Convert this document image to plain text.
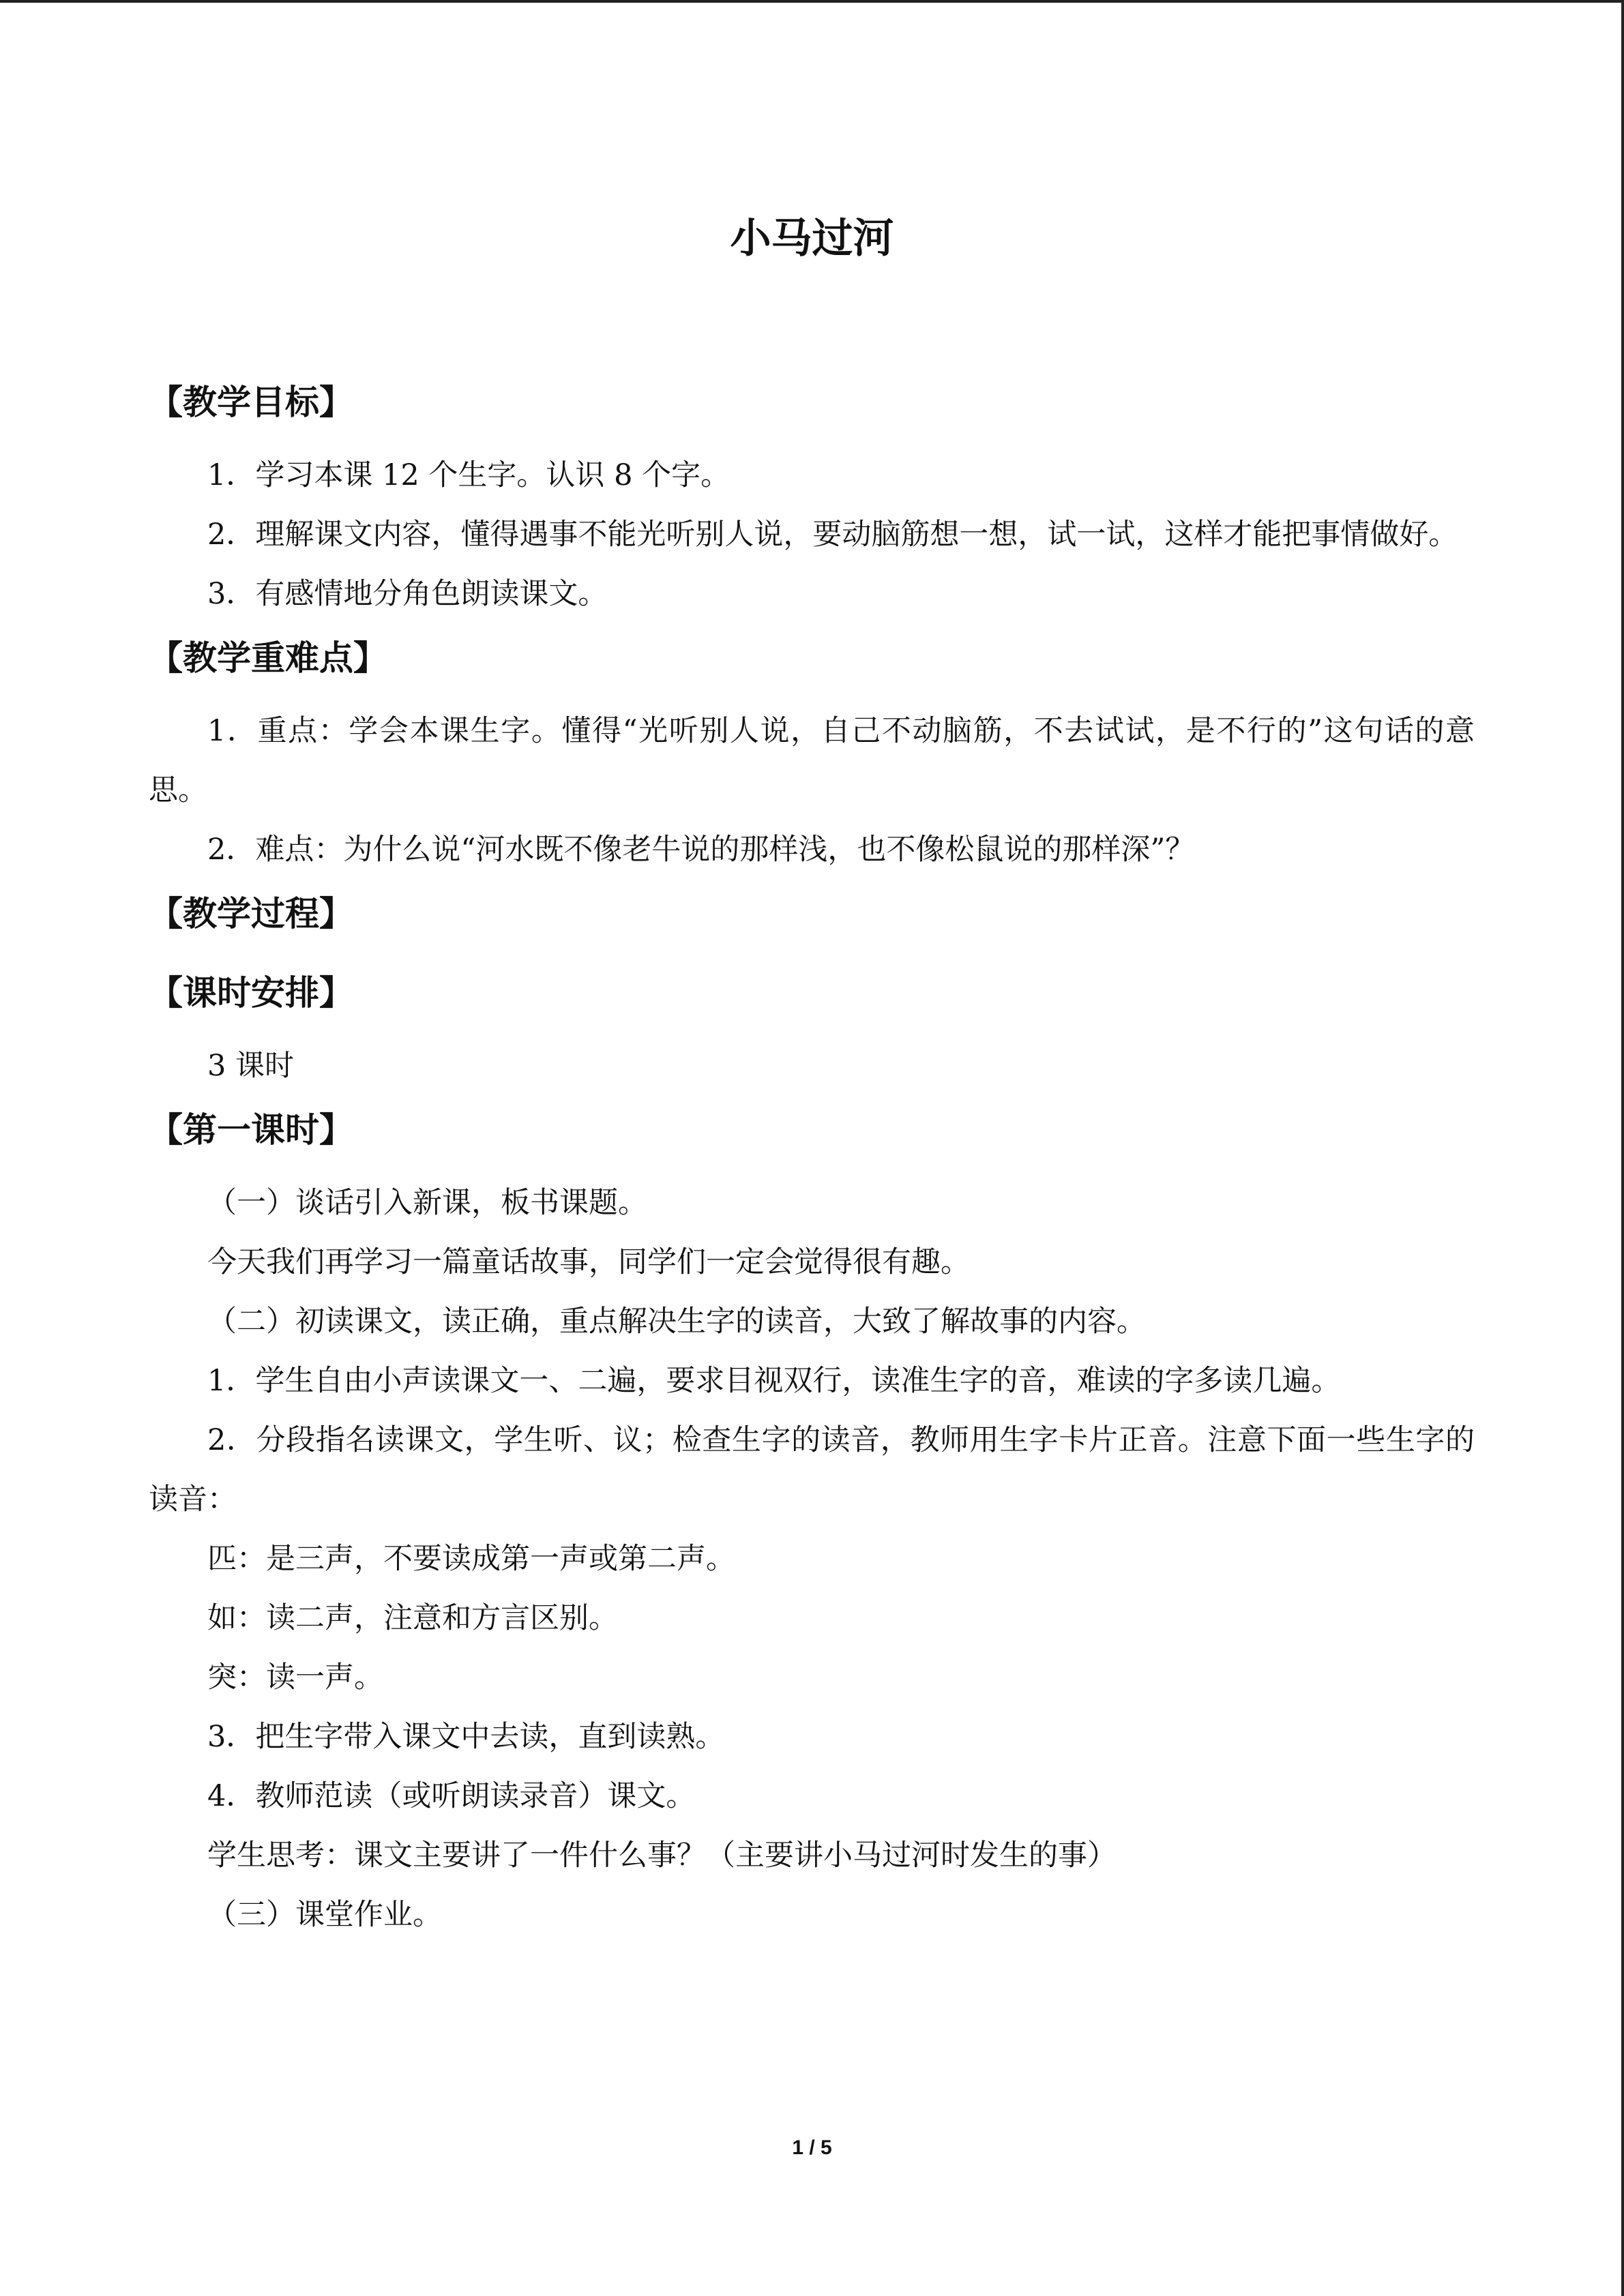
小马过河
【教学目标】

1．学习本课 12 个生字。认识 8 个字。

2．理解课文内容，懂得遇事不能光听别人说，要动脑筋想一想，试一试，这样才能把事情做好。

3．有感情地分角色朗读课文。

【教学重难点】

1．重点：学会本课生字。懂得“光听别人说，自己不动脑筋，不去试试，是不行的”这句话的意思。

2．难点：为什么说“河水既不像老牛说的那样浅，也不像松鼠说的那样深”？

【教学过程】
【课时安排】

3 课时

【第一课时】

（一）谈话引入新课，板书课题。

今天我们再学习一篇童话故事，同学们一定会觉得很有趣。

（二）初读课文，读正确，重点解决生字的读音，大致了解故事的内容。

1．学生自由小声读课文一、二遍，要求目视双行，读准生字的音，难读的字多读几遍。

2．分段指名读课文，学生听、议；检查生字的读音，教师用生字卡片正音。注意下面一些生字的读音：

匹：是三声，不要读成第一声或第二声。

如：读二声，注意和方言区别。

突：读一声。

3．把生字带入课文中去读，直到读熟。

4．教师范读（或听朗读录音）课文。

学生思考：课文主要讲了一件什么事？（主要讲小马过河时发生的事）

（三）课堂作业。

1 / 5
